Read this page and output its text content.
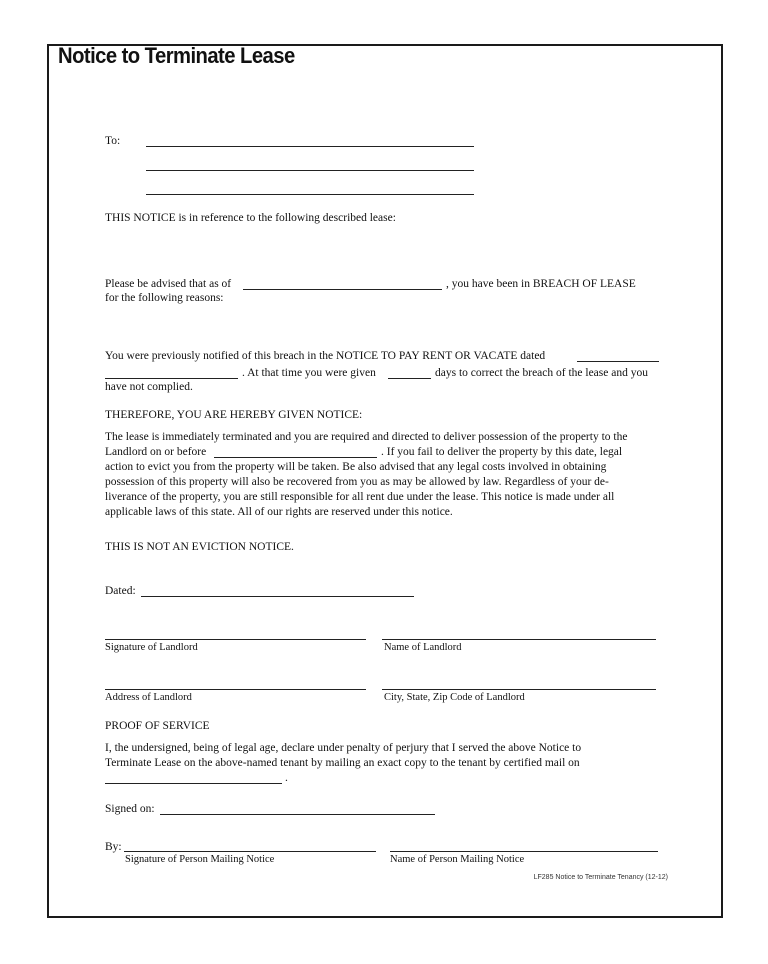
Notice to Terminate Lease
To:
THIS NOTICE is in reference to the following described lease:
Please be advised that as of	, you have been in BREACH OF LEASE
for the following reasons:
You were previously notified of this breach in the NOTICE TO PAY RENT OR VACATE dated
. At that time you were given	days to correct the breach of the lease and you
have not complied.
THEREFORE, YOU ARE HEREBY GIVEN NOTICE:
The lease is immediately terminated and you are required and directed to deliver possession of the property to the
Landlord on or before	. If you fail to deliver the property by this date, legal
action to evict you from the property will be taken. Be also advised that any legal costs involved in obtaining
possession of this property will also be recovered from you as may be allowed by law. Regardless of your de-
liverance of the property, you are still responsible for all rent due under the lease. This notice is made under all
applicable laws of this state. All of our rights are reserved under this notice.
THIS IS NOT AN EVICTION NOTICE.
Dated:
Signature of Landlord	Name of Landlord
Address of Landlord	City, State, Zip Code of Landlord
PROOF OF SERVICE
I, the undersigned, being of legal age, declare under penalty of perjury that I served the above Notice to
Terminate Lease on the above-named tenant by mailing an exact copy to the tenant by certified mail on
.
Signed on:
By:
Signature of Person Mailing Notice	Name of Person Mailing Notice
LF285 Notice to Terminate Tenancy (12-12)
